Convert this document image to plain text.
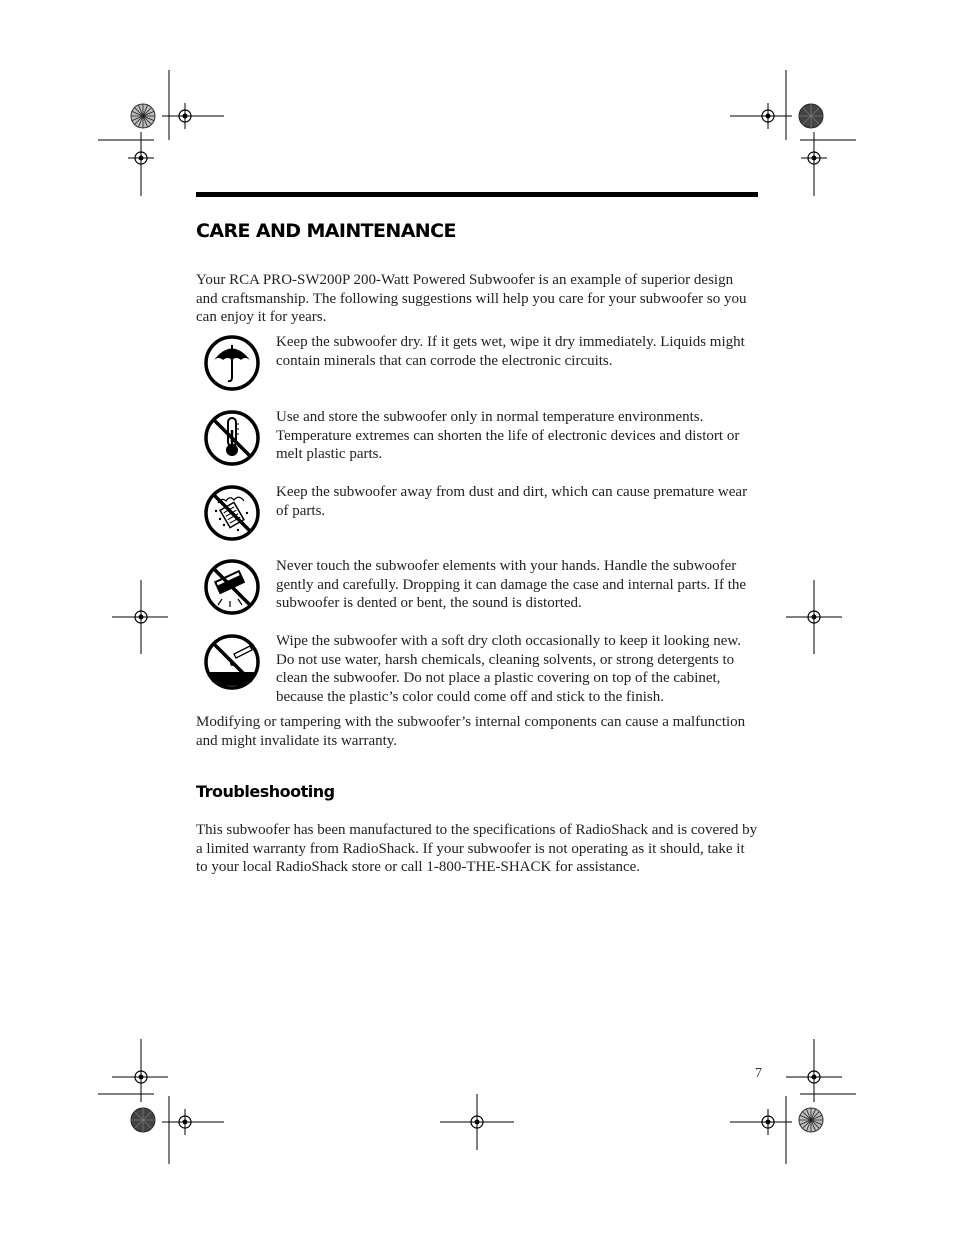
CARE AND MAINTENANCE

Your RCA PRO-SW200P 200-Watt Powered Subwoofer is an example of superior design and craftsmanship. The following suggestions will help you care for your subwoofer so you can enjoy it for years.

Keep the subwoofer dry. If it gets wet, wipe it dry immediately. Liquids might contain minerals that can corrode the electronic circuits.

Use and store the subwoofer only in normal temperature environments. Temperature extremes can shorten the life of electronic devices and distort or melt plastic parts.

Keep the subwoofer away from dust and dirt, which can cause premature wear of parts.

Never touch the subwoofer elements with your hands. Handle the subwoofer gently and carefully. Dropping it can damage the case and internal parts. If the subwoofer is dented or bent, the sound is distorted.

Wipe the subwoofer with a soft dry cloth occasionally to keep it looking new. Do not use water, harsh chemicals, cleaning solvents, or strong detergents to clean the subwoofer. Do not place a plastic covering on top of the cabinet, because the plastic’s color could come off and stick to the finish.

Modifying or tampering with the subwoofer’s internal components can cause a malfunction and might invalidate its warranty.

Troubleshooting

This subwoofer has been manufactured to the specifications of RadioShack and is covered by a limited warranty from RadioShack. If your subwoofer is not operating as it should, take it to your local RadioShack store or call 1-800-THE-SHACK for assistance.

7
